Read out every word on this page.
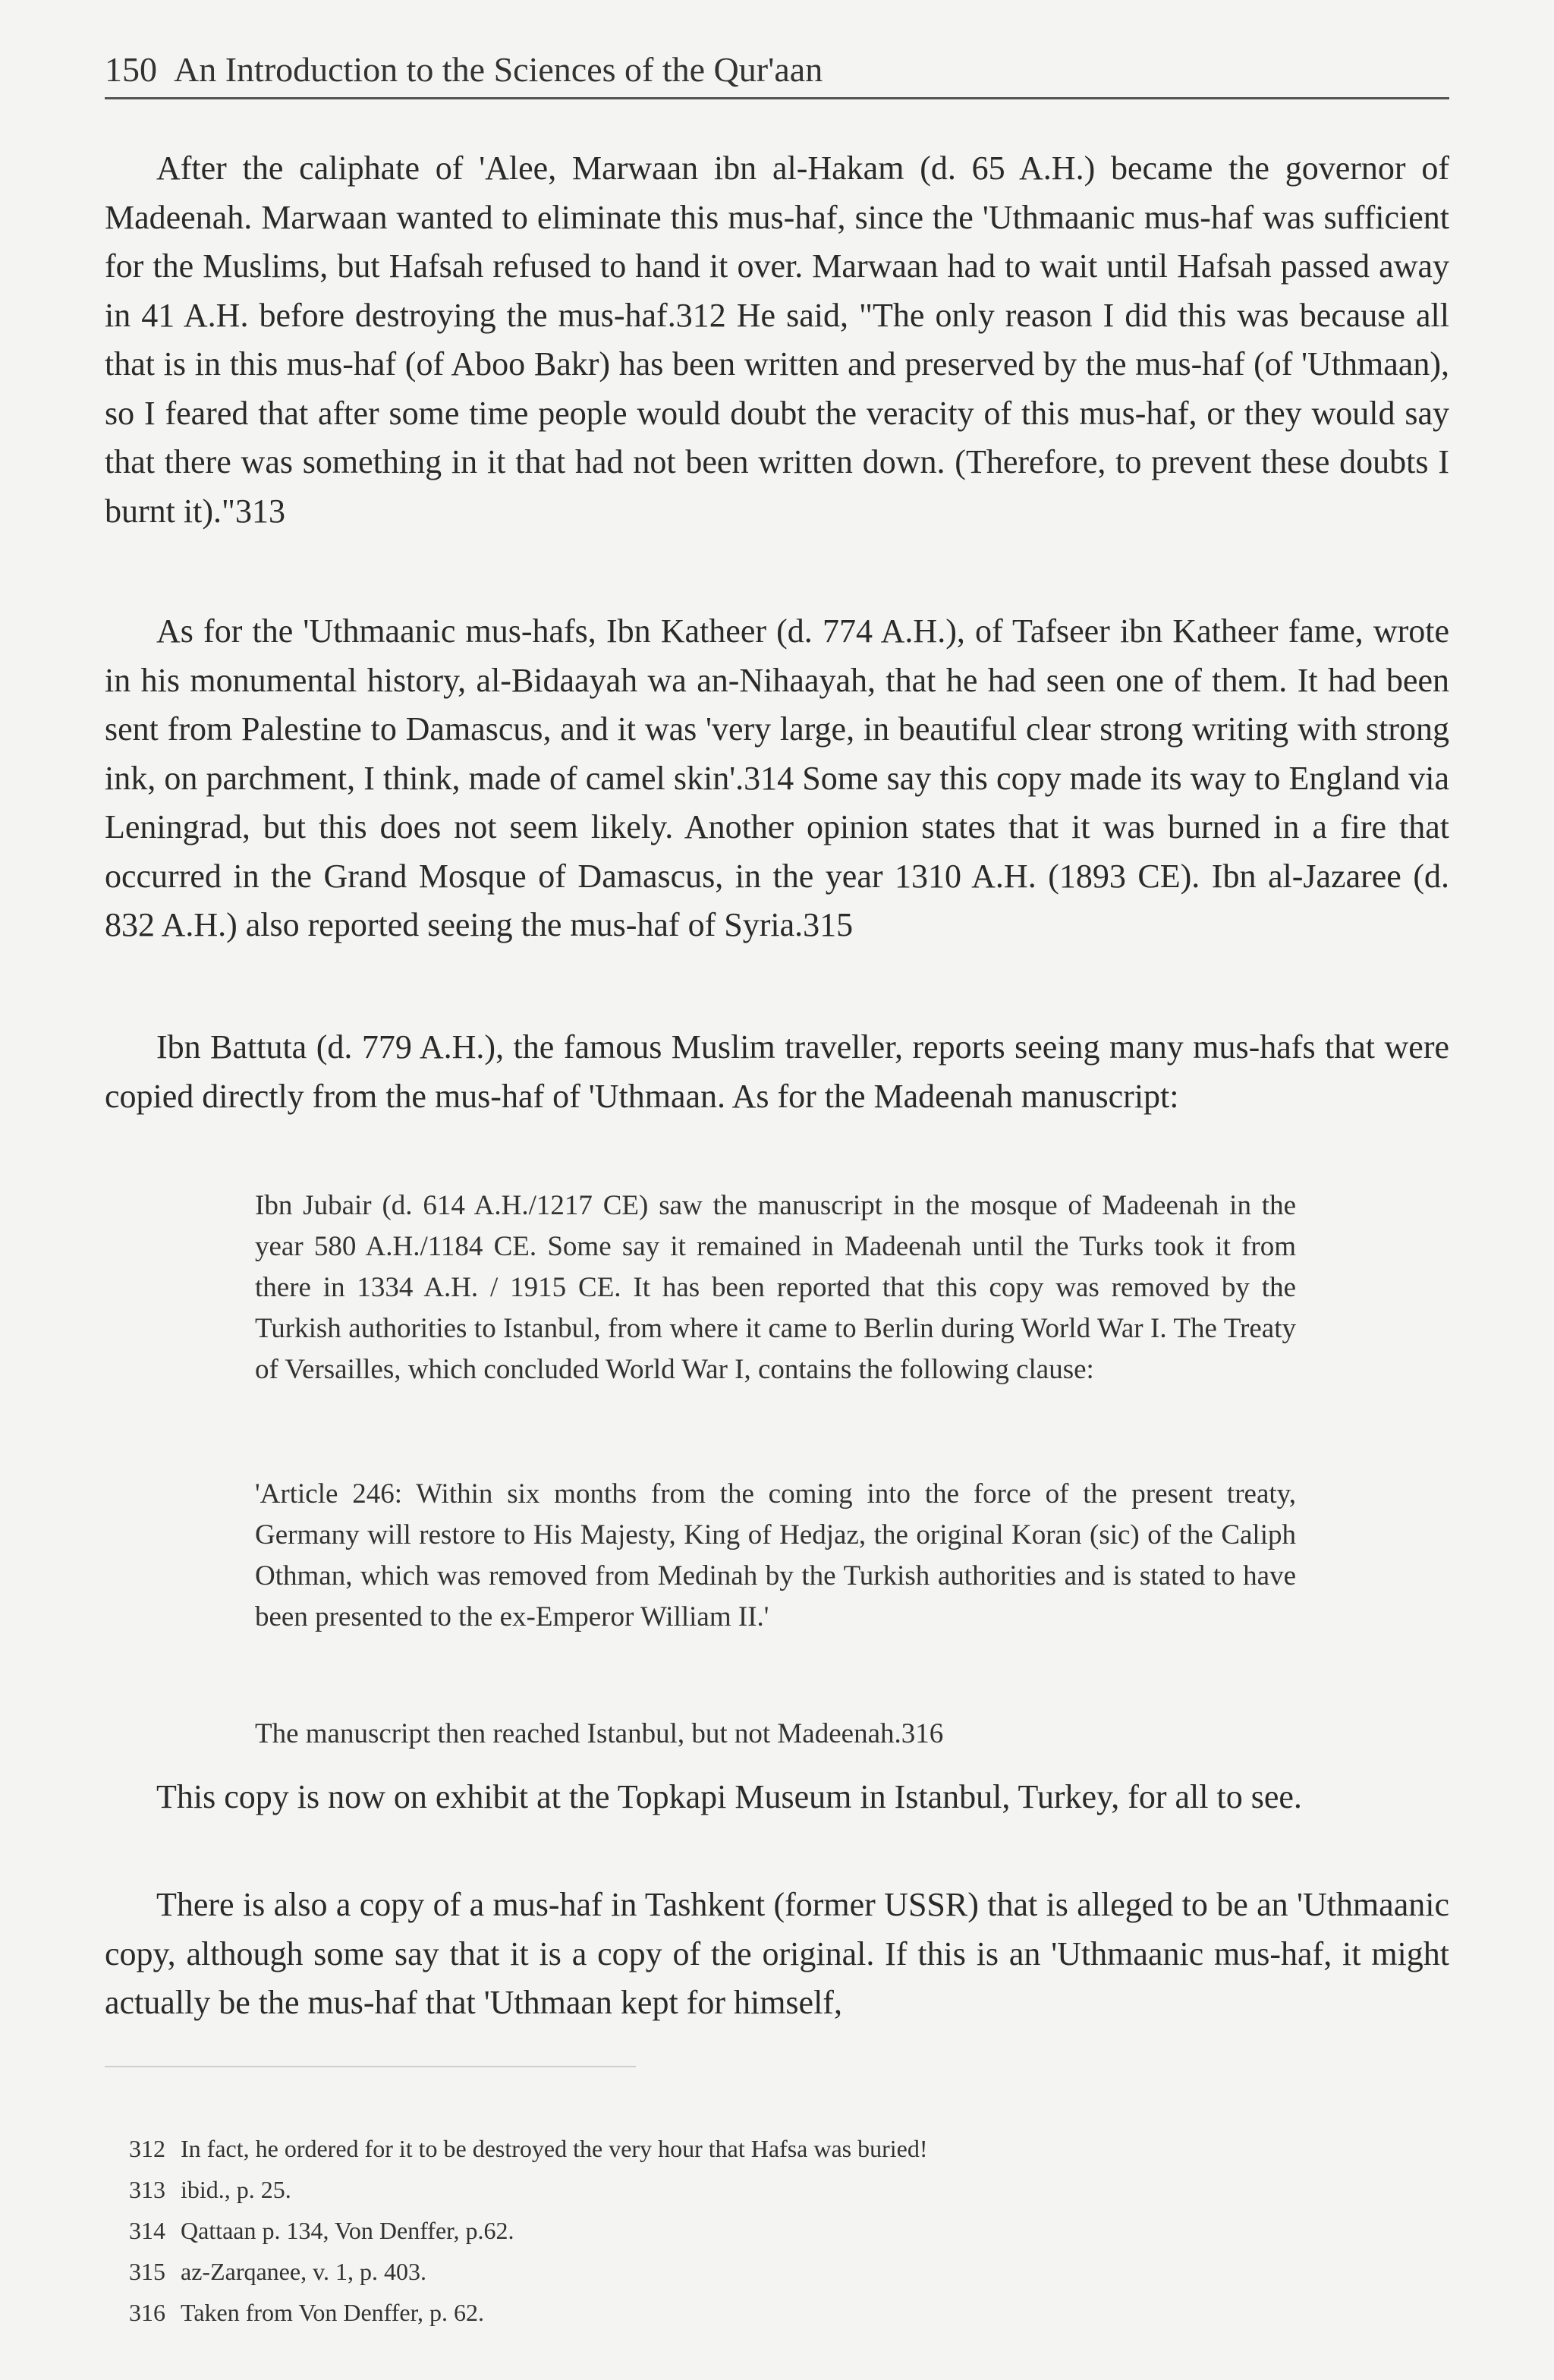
150 An Introduction to the Sciences of the Qur'aan

After the caliphate of 'Alee, Marwaan ibn al-Hakam (d. 65 A.H.) became the governor of Madeenah. Marwaan wanted to eliminate this mus-haf, since the 'Uthmaanic mus-haf was sufficient for the Muslims, but Hafsah refused to hand it over. Marwaan had to wait until Hafsah passed away in 41 A.H. before destroying the mus-haf.312 He said, "The only reason I did this was because all that is in this mus-haf (of Aboo Bakr) has been written and preserved by the mus-haf (of 'Uthmaan), so I feared that after some time people would doubt the veracity of this mus-haf, or they would say that there was something in it that had not been written down. (Therefore, to prevent these doubts I burnt it)."313

As for the 'Uthmaanic mus-hafs, Ibn Katheer (d. 774 A.H.), of Tafseer ibn Katheer fame, wrote in his monumental history, al-Bidaayah wa an-Nihaayah, that he had seen one of them. It had been sent from Palestine to Damascus, and it was 'very large, in beautiful clear strong writing with strong ink, on parchment, I think, made of camel skin'.314 Some say this copy made its way to England via Leningrad, but this does not seem likely. Another opinion states that it was burned in a fire that occurred in the Grand Mosque of Damascus, in the year 1310 A.H. (1893 CE). Ibn al-Jazaree (d. 832 A.H.) also reported seeing the mus-haf of Syria.315

Ibn Battuta (d. 779 A.H.), the famous Muslim traveller, reports seeing many mus-hafs that were copied directly from the mus-haf of 'Uthmaan. As for the Madeenah manuscript:

Ibn Jubair (d. 614 A.H./1217 CE) saw the manuscript in the mosque of Madeenah in the year 580 A.H./1184 CE. Some say it remained in Madeenah until the Turks took it from there in 1334 A.H. / 1915 CE. It has been reported that this copy was removed by the Turkish authorities to Istanbul, from where it came to Berlin during World War I. The Treaty of Versailles, which concluded World War I, contains the following clause:

'Article 246: Within six months from the coming into the force of the present treaty, Germany will restore to His Majesty, King of Hedjaz, the original Koran (sic) of the Caliph Othman, which was removed from Medinah by the Turkish authorities and is stated to have been presented to the ex-Emperor William II.'

The manuscript then reached Istanbul, but not Madeenah.316

This copy is now on exhibit at the Topkapi Museum in Istanbul, Turkey, for all to see.

There is also a copy of a mus-haf in Tashkent (former USSR) that is alleged to be an 'Uthmaanic copy, although some say that it is a copy of the original. If this is an 'Uthmaanic mus-haf, it might actually be the mus-haf that 'Uthmaan kept for himself,

312 In fact, he ordered for it to be destroyed the very hour that Hafsa was buried!

313 ibid., p. 25.

314 Qattaan p. 134, Von Denffer, p.62.

315 az-Zarqanee, v. 1, p. 403.

316 Taken from Von Denffer, p. 62.
